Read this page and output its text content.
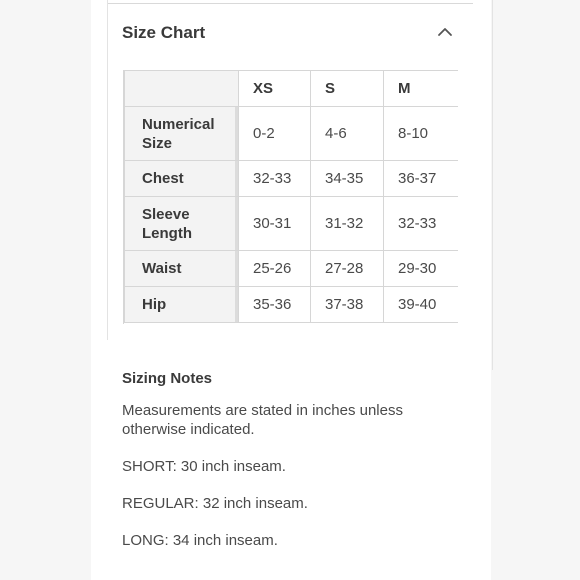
Size Chart
	XS	S	M	
Numerical
Size	0-2	4-6	8-10	
Chest	32-33	34-35	36-37	
Sleeve
Length	30-31	31-32	32-33	
Waist	25-26	27-28	29-30	
Hip	35-36	37-38	39-40	
Sizing Notes
Measurements are stated in inches unless otherwise indicated.
SHORT: 30 inch inseam.
REGULAR: 32 inch inseam.
LONG: 34 inch inseam.
